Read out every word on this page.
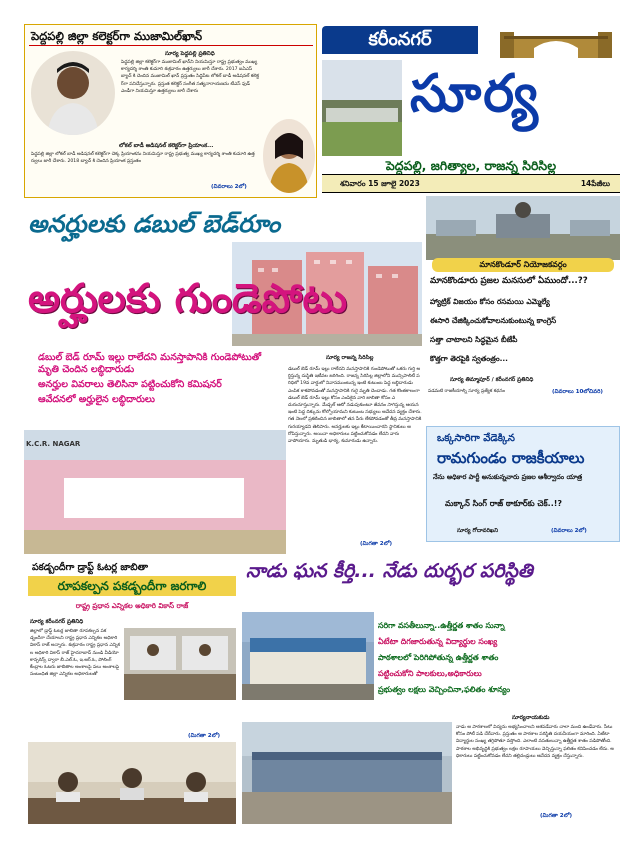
పెద్దపల్లి జిల్లా కలెక్టర్‌గా ముజామిల్‌ఖాన్
సూర్య పెద్దపల్లి ప్రతినిధి
పెద్దపల్లి జిల్లా కలెక్టర్‌గా ముజామిల్ ఖాన్‌ని నియమిస్తూ రాష్ట్ర ప్రభుత్వం ముఖ్య కార్యదర్శి శాంతి కుమారి శుక్రవారం ఉత్తర్వులు జారీ చేశారు. 2017 ఐఏఎస్ బ్యాచ్ కి చెందిన ముజామిల్ ఖాన్ ప్రస్తుతం సిద్ధిపేట లోకల్ బాడీ అడిషనల్ కలెక్టర్‌గా పనిచేస్తున్నారు. ప్రస్తుత కలెక్టర్ సంగీత సత్యనారాయణను టీఎస్ ఫుడ్ ఎండీగా నియమిస్తూ ఉత్తర్వులు జారీ చేశారు
లోకల్ బాడీ అడిషనల్ కలెక్టర్‌గా ప్రియాంక...
పెద్దపల్లి జిల్లా లోకల్ బాడీ అడిషనల్ కలెక్టర్‌గా చెక్క ప్రియాంకను నియమిస్తూ రాష్ట్ర ప్రభుత్వ ముఖ్య కార్యదర్శి శాంతి కుమారి ఉత్తర్వులు జారీ చేశారు. 2018 బ్యాచ్ కి చెందిన ప్రియాంక ప్రస్తుతం
(వివరాలు 2లో)
కరీంనగర్
సూర్య
పెద్దపల్లి, జగిత్యాల, రాజన్న సిరిసిల్ల
శనివారం 15 జూలై 2023	14పేజీలు
అనర్హులకు డబుల్ బెడ్‌రూం
అర్హులకు గుండెపోటు
డబుల్ బెడ్ రూమ్ ఇల్లు రాలేదని మనస్తాపానికి గుండెపోటుతో మృతి చెందిన లబ్ధిదారుడు
అనర్హుల వివరాలు తెలిసినా పట్టించుకోని కమిషనర్
ఆవేదనలో అర్హులైన లబ్ధిదారులు
K.C.R. NAGAR
సూర్య రాజన్న సిరిసిల్ల
డబుల్ బెడ్ రూమ్ ఇల్లు రాలేదని మనస్తాపానికి గుండెపోటుతో ఒకరు గుర్తి అర్ధిస్తున్న దుస్థితి ఇటీవల జరిగింది. రాజన్న సిరిసిల్ల జిల్లాలోని మున్సిపాలిటీ పరిధిలో 19వ వార్డులో నివాసముంటున్న ఇంటి కుటుంబ పెద్ద లబ్ధిదారుడు ఎంపిక కాకపోవడంతో మనస్తాపానికి గురై మృతి చెందాడు. గత కొంతకాలంగా డబుల్ బెడ్ రూమ్ ఇల్లు కోసం ఎంపికైన వారి జాబితా కోసం ఎదురుచూస్తున్నారు. మేడ్చల్ ఆటో నడుపుకుంటూ జీవనం సాగిస్తున్న ఆయన ఇంటి పెద్ద దిక్కును కోల్పోయామని కుటుంబ సభ్యులు ఆవేదన వ్యక్తం చేశారు. గత నెలలో ప్రకటించిన జాబితాలో తన పేరు లేకపోవడంతో తీవ్ర మనస్తాపానికి గురయ్యాడని తెలిపారు. అనర్హులకు ఇల్లు కేటాయించారని స్థానికులు ఆరోపిస్తున్నారు. అయినా అధికారులు పట్టించుకోవడం లేదని వారు వాపోయారు. మృతుడి భార్య, కుమారుడు ఉన్నారు.
(మిగతా 2లో)
మానకొండూర్ నియోజకవర్గం
మానకొండూరు ప్రజల మనసులో ఏముందో...??
హ్యాట్రిక్ విజయం కోసం రసమయి ఎమ్మెల్యే
ఈసారి చేజిక్కించుకోవాలనుకుంటున్న కాంగ్రెస్
సత్తా చాటాలని సిద్ధమైన బీజేపీ
కొత్తగా తెరపైకి స్వతంత్రం...
సూర్య తిమ్మాపూర్ / కరీంనగర్ ప్రతినిధి
పడమటి రాజకీయాల్ని సూర్య ప్రత్యేక కథనం	(వివరాలు 10లోచివరి)
ఒక్కసారిగా వేడెక్కిన
రామగుండం రాజకీయాలు
నేను అధికార పార్టీ అనుకున్నవారు ప్రజల ఆశీర్వాదం యాత్ర
మక్కాన్ సింగ్ రాజ్ ఠాకూర్‌కు చెక్..!?
సూర్య గోదావరిఖని	(వివరాలు 2లో)
పకడ్బందీగా డ్రాఫ్ట్ ఓటర్ల జాబితా
రూపకల్పన పకడ్బందీగా జరగాలి
రాష్ట్ర ప్రధాన ఎన్నికల అధికారి వికాస్ రాజ్
సూర్య కరీంనగర్ ప్రతినిధి
జిల్లాలో డ్రాఫ్ట్ ఓటర్ల జాబితా రూపకల్పన పకడ్బందీగా చేయాలని రాష్ట్ర ప్రధాన ఎన్నికల అధికారి వికాస్ రాజ్ అన్నారు. శుక్రవారం రాష్ట్ర ప్రధాన ఎన్నికల అధికారి వికాస్ రాజ్ హైదరాబాద్ నుండి వీడియో కాన్ఫరెన్స్ ద్వారా బీ.ఎల్.ఓ, ఇ.ఆర్.ఓ, పోలింగ్ కేంద్రాల ఓటరు జాబితాల అంశాలపై పలు అంశాలపై సంబంధిత జిల్లా ఎన్నికల అధికారులతో
(మిగతా 2లో)
నాడు ఘన కీర్తి... నేడు దుర్భర పరిస్థితి
సరిగా వసతీలున్నా..ఉత్తీర్ణత శాతం సున్నా
ఏటేటా దిగజారుతున్న విద్యార్థుల సంఖ్య
పాఠశాలలో పెరిగిపోతున్న ఉత్తీర్ణత శాతం
పట్టించుకోని పాలకులు,అధికారులు
ప్రభుత్వం లక్షలు వెచ్చించినా,ఫలితం శూన్యం
సూర్యనాయకుడు
నాడు ఆ పాఠశాలలో విద్యను అభ్యసించాలని ఆశపడేవారు చాలా మంది ఉండేవారు. సీటు కోసం పోటీ పడి చేరేవారు. ప్రస్తుతం ఆ పాఠశాల పరిస్థితి దయనీయంగా మారింది. ఏటేటా విద్యార్థుల సంఖ్య తగ్గిపోతూ వస్తోంది. ఎలాంటి వసతులున్నా ఉత్తీర్ణత శాతం పడిపోతోంది. పాఠశాల అభివృద్ధికి ప్రభుత్వం లక్షల రూపాయలు వెచ్చిస్తున్నా ఫలితం కనిపించడం లేదు. అధికారులు పట్టించుకోవడం లేదని తల్లిదండ్రులు ఆవేదన వ్యక్తం చేస్తున్నారు.
(మిగతా 2లో)
